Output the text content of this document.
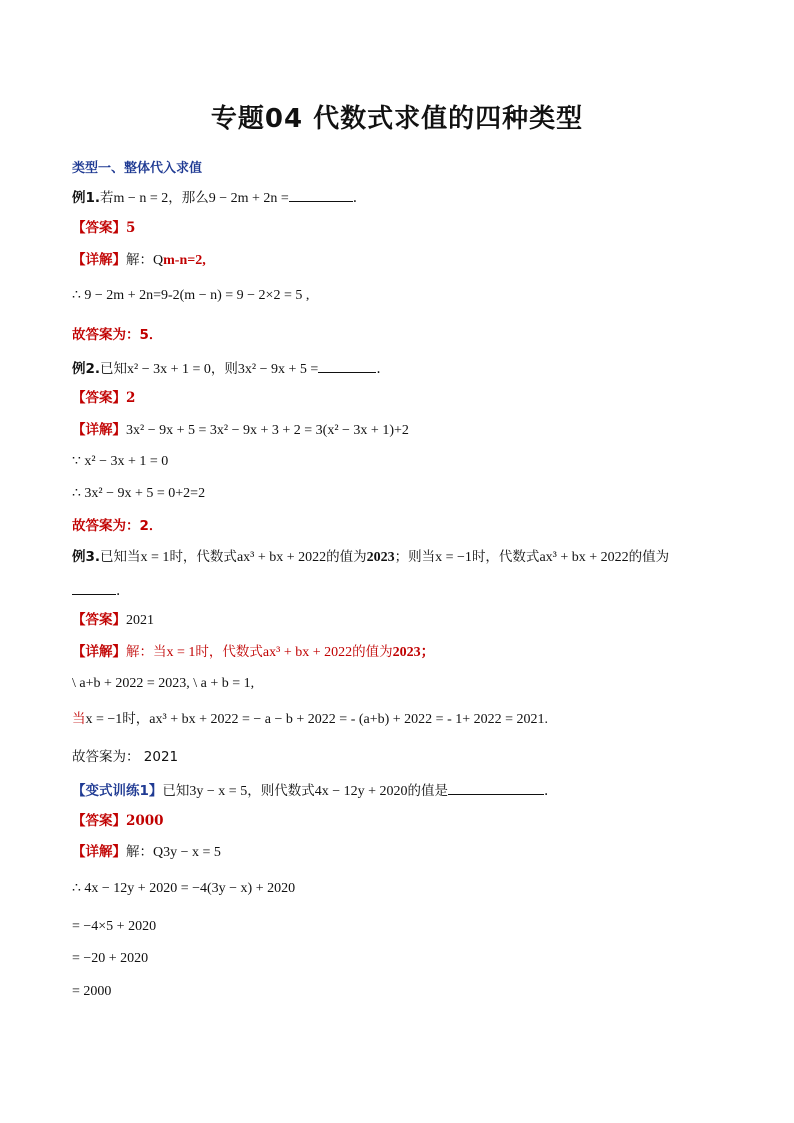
专题04 代数式求值的四种类型
类型一、整体代入求值
例1.若m − n = 2，那么9 − 2m + 2n =	.
【答案】5
【详解】解：Qm-n=2,
∴ 9 − 2m + 2n=9-2(m − n) = 9 − 2×2 = 5 ,
故答案为：5．
例2.已知x² − 3x + 1 = 0，则3x² − 9x + 5 =	.
【答案】2
【详解】3x² − 9x + 5 = 3x² − 9x + 3 + 2 = 3(x² − 3x + 1)+2
∵ x² − 3x + 1 = 0
∴ 3x² − 9x + 5 = 0+2=2
故答案为：2．
例3.已知当x = 1时，代数式ax³ + bx + 2022的值为2023；则当x = −1时，代数式ax³ + bx + 2022的值为
.
【答案】2021
【详解】解：当x = 1时，代数式ax³ + bx + 2022的值为2023；
\ a+b + 2022 = 2023, \ a + b = 1,
当x = −1时，ax³ + bx + 2022 = − a − b + 2022 = - (a+b) + 2022 = - 1+ 2022 = 2021.
故答案为： 2021
【变式训练1】已知3y − x = 5，则代数式4x − 12y + 2020的值是	.
【答案】2000
【详解】解：Q3y − x = 5
∴ 4x − 12y + 2020 = −4(3y − x) + 2020
= −4×5 + 2020
= −20 + 2020
= 2000
